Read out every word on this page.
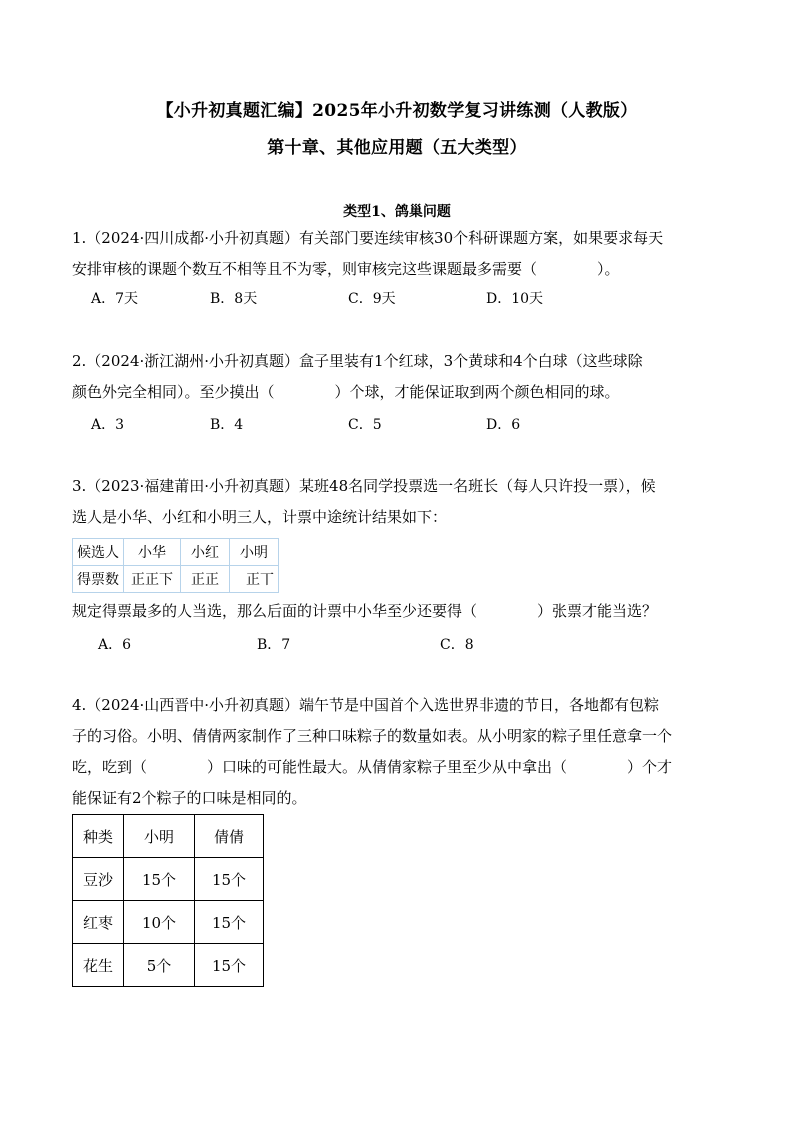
【小升初真题汇编】2025年小升初数学复习讲练测（人教版）
第十章、其他应用题（五大类型）
类型1、鸽巢问题

1.（2024·四川成都·小升初真题）有关部门要连续审核30个科研课题方案，如果要求每天

安排审核的课题个数互不相等且不为零，则审核完这些课题最多需要（　　　　）。

A．7天	B．8天	C．9天	D．10天

2.（2024·浙江湖州·小升初真题）盒子里装有1个红球，3个黄球和4个白球（这些球除

颜色外完全相同）。至少摸出（　　　　）个球，才能保证取到两个颜色相同的球。

A．3	B．4	C．5	D．6

3.（2023·福建莆田·小升初真题）某班48名同学投票选一名班长（每人只许投一票），候

选人是小华、小红和小明三人，计票中途统计结果如下：

候选人	小华	小红	小明
得票数	正正下	正正	正丅

规定得票最多的人当选，那么后面的计票中小华至少还要得（　　　　）张票才能当选？

A．6	B．7	C．8

4.（2024·山西晋中·小升初真题）端午节是中国首个入选世界非遗的节日，各地都有包粽

子的习俗。小明、倩倩两家制作了三种口味粽子的数量如表。从小明家的粽子里任意拿一个

吃，吃到（　　　　）口味的可能性最大。从倩倩家粽子里至少从中拿出（　　　　）个才

能保证有2个粽子的口味是相同的。

种类	小明	倩倩
豆沙	15个	15个
红枣	10个	15个
花生	5个	15个
